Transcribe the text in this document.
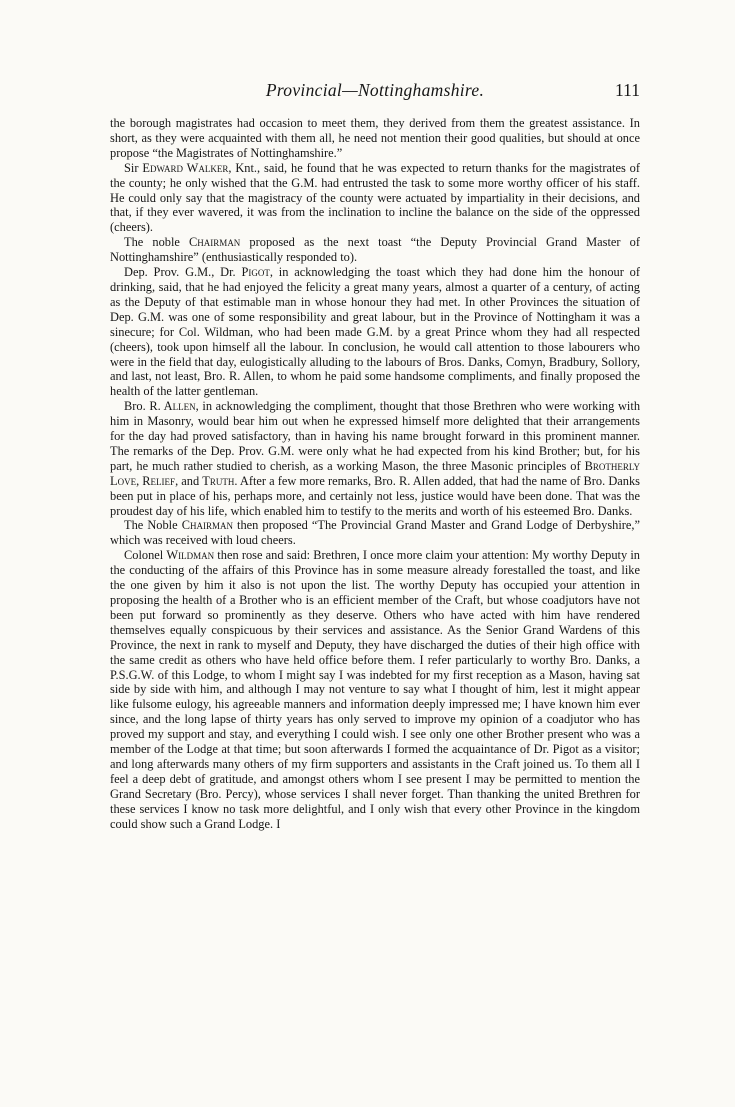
Provincial—Nottinghamshire.	111

the borough magistrates had occasion to meet them, they derived from them the greatest assistance. In short, as they were acquainted with them all, he need not mention their good qualities, but should at once propose “the Magistrates of Nottinghamshire.”

Sir Edward Walker, Knt., said, he found that he was expected to return thanks for the magistrates of the county; he only wished that the G.M. had entrusted the task to some more worthy officer of his staff. He could only say that the magistracy of the county were actuated by impartiality in their decisions, and that, if they ever wavered, it was from the inclination to incline the balance on the side of the oppressed (cheers).

The noble Chairman proposed as the next toast “the Deputy Provincial Grand Master of Nottinghamshire” (enthusiastically responded to).

Dep. Prov. G.M., Dr. Pigot, in acknowledging the toast which they had done him the honour of drinking, said, that he had enjoyed the felicity a great many years, almost a quarter of a century, of acting as the Deputy of that estimable man in whose honour they had met. In other Provinces the situation of Dep. G.M. was one of some responsibility and great labour, but in the Province of Nottingham it was a sinecure; for Col. Wildman, who had been made G.M. by a great Prince whom they had all respected (cheers), took upon himself all the labour. In conclusion, he would call attention to those labourers who were in the field that day, eulogistically alluding to the labours of Bros. Danks, Comyn, Bradbury, Sollory, and last, not least, Bro. R. Allen, to whom he paid some handsome compliments, and finally proposed the health of the latter gentleman.

Bro. R. Allen, in acknowledging the compliment, thought that those Brethren who were working with him in Masonry, would bear him out when he expressed himself more delighted that their arrangements for the day had proved satisfactory, than in having his name brought forward in this prominent manner. The remarks of the Dep. Prov. G.M. were only what he had expected from his kind Brother; but, for his part, he much rather studied to cherish, as a working Mason, the three Masonic principles of Brotherly Love, Relief, and Truth. After a few more remarks, Bro. R. Allen added, that had the name of Bro. Danks been put in place of his, perhaps more, and certainly not less, justice would have been done. That was the proudest day of his life, which enabled him to testify to the merits and worth of his esteemed Bro. Danks.

The Noble Chairman then proposed “The Provincial Grand Master and Grand Lodge of Derbyshire,” which was received with loud cheers.

Colonel Wildman then rose and said: Brethren, I once more claim your attention: My worthy Deputy in the conducting of the affairs of this Province has in some measure already forestalled the toast, and like the one given by him it also is not upon the list. The worthy Deputy has occupied your attention in proposing the health of a Brother who is an efficient member of the Craft, but whose coadjutors have not been put forward so prominently as they deserve. Others who have acted with him have rendered themselves equally conspicuous by their services and assistance. As the Senior Grand Wardens of this Province, the next in rank to myself and Deputy, they have discharged the duties of their high office with the same credit as others who have held office before them. I refer particularly to worthy Bro. Danks, a P.S.G.W. of this Lodge, to whom I might say I was indebted for my first reception as a Mason, having sat side by side with him, and although I may not venture to say what I thought of him, lest it might appear like fulsome eulogy, his agreeable manners and information deeply impressed me; I have known him ever since, and the long lapse of thirty years has only served to improve my opinion of a coadjutor who has proved my support and stay, and everything I could wish. I see only one other Brother present who was a member of the Lodge at that time; but soon afterwards I formed the acquaintance of Dr. Pigot as a visitor; and long afterwards many others of my firm supporters and assistants in the Craft joined us. To them all I feel a deep debt of gratitude, and amongst others whom I see present I may be permitted to mention the Grand Secretary (Bro. Percy), whose services I shall never forget. Than thanking the united Brethren for these services I know no task more delightful, and I only wish that every other Province in the kingdom could show such a Grand Lodge. I
